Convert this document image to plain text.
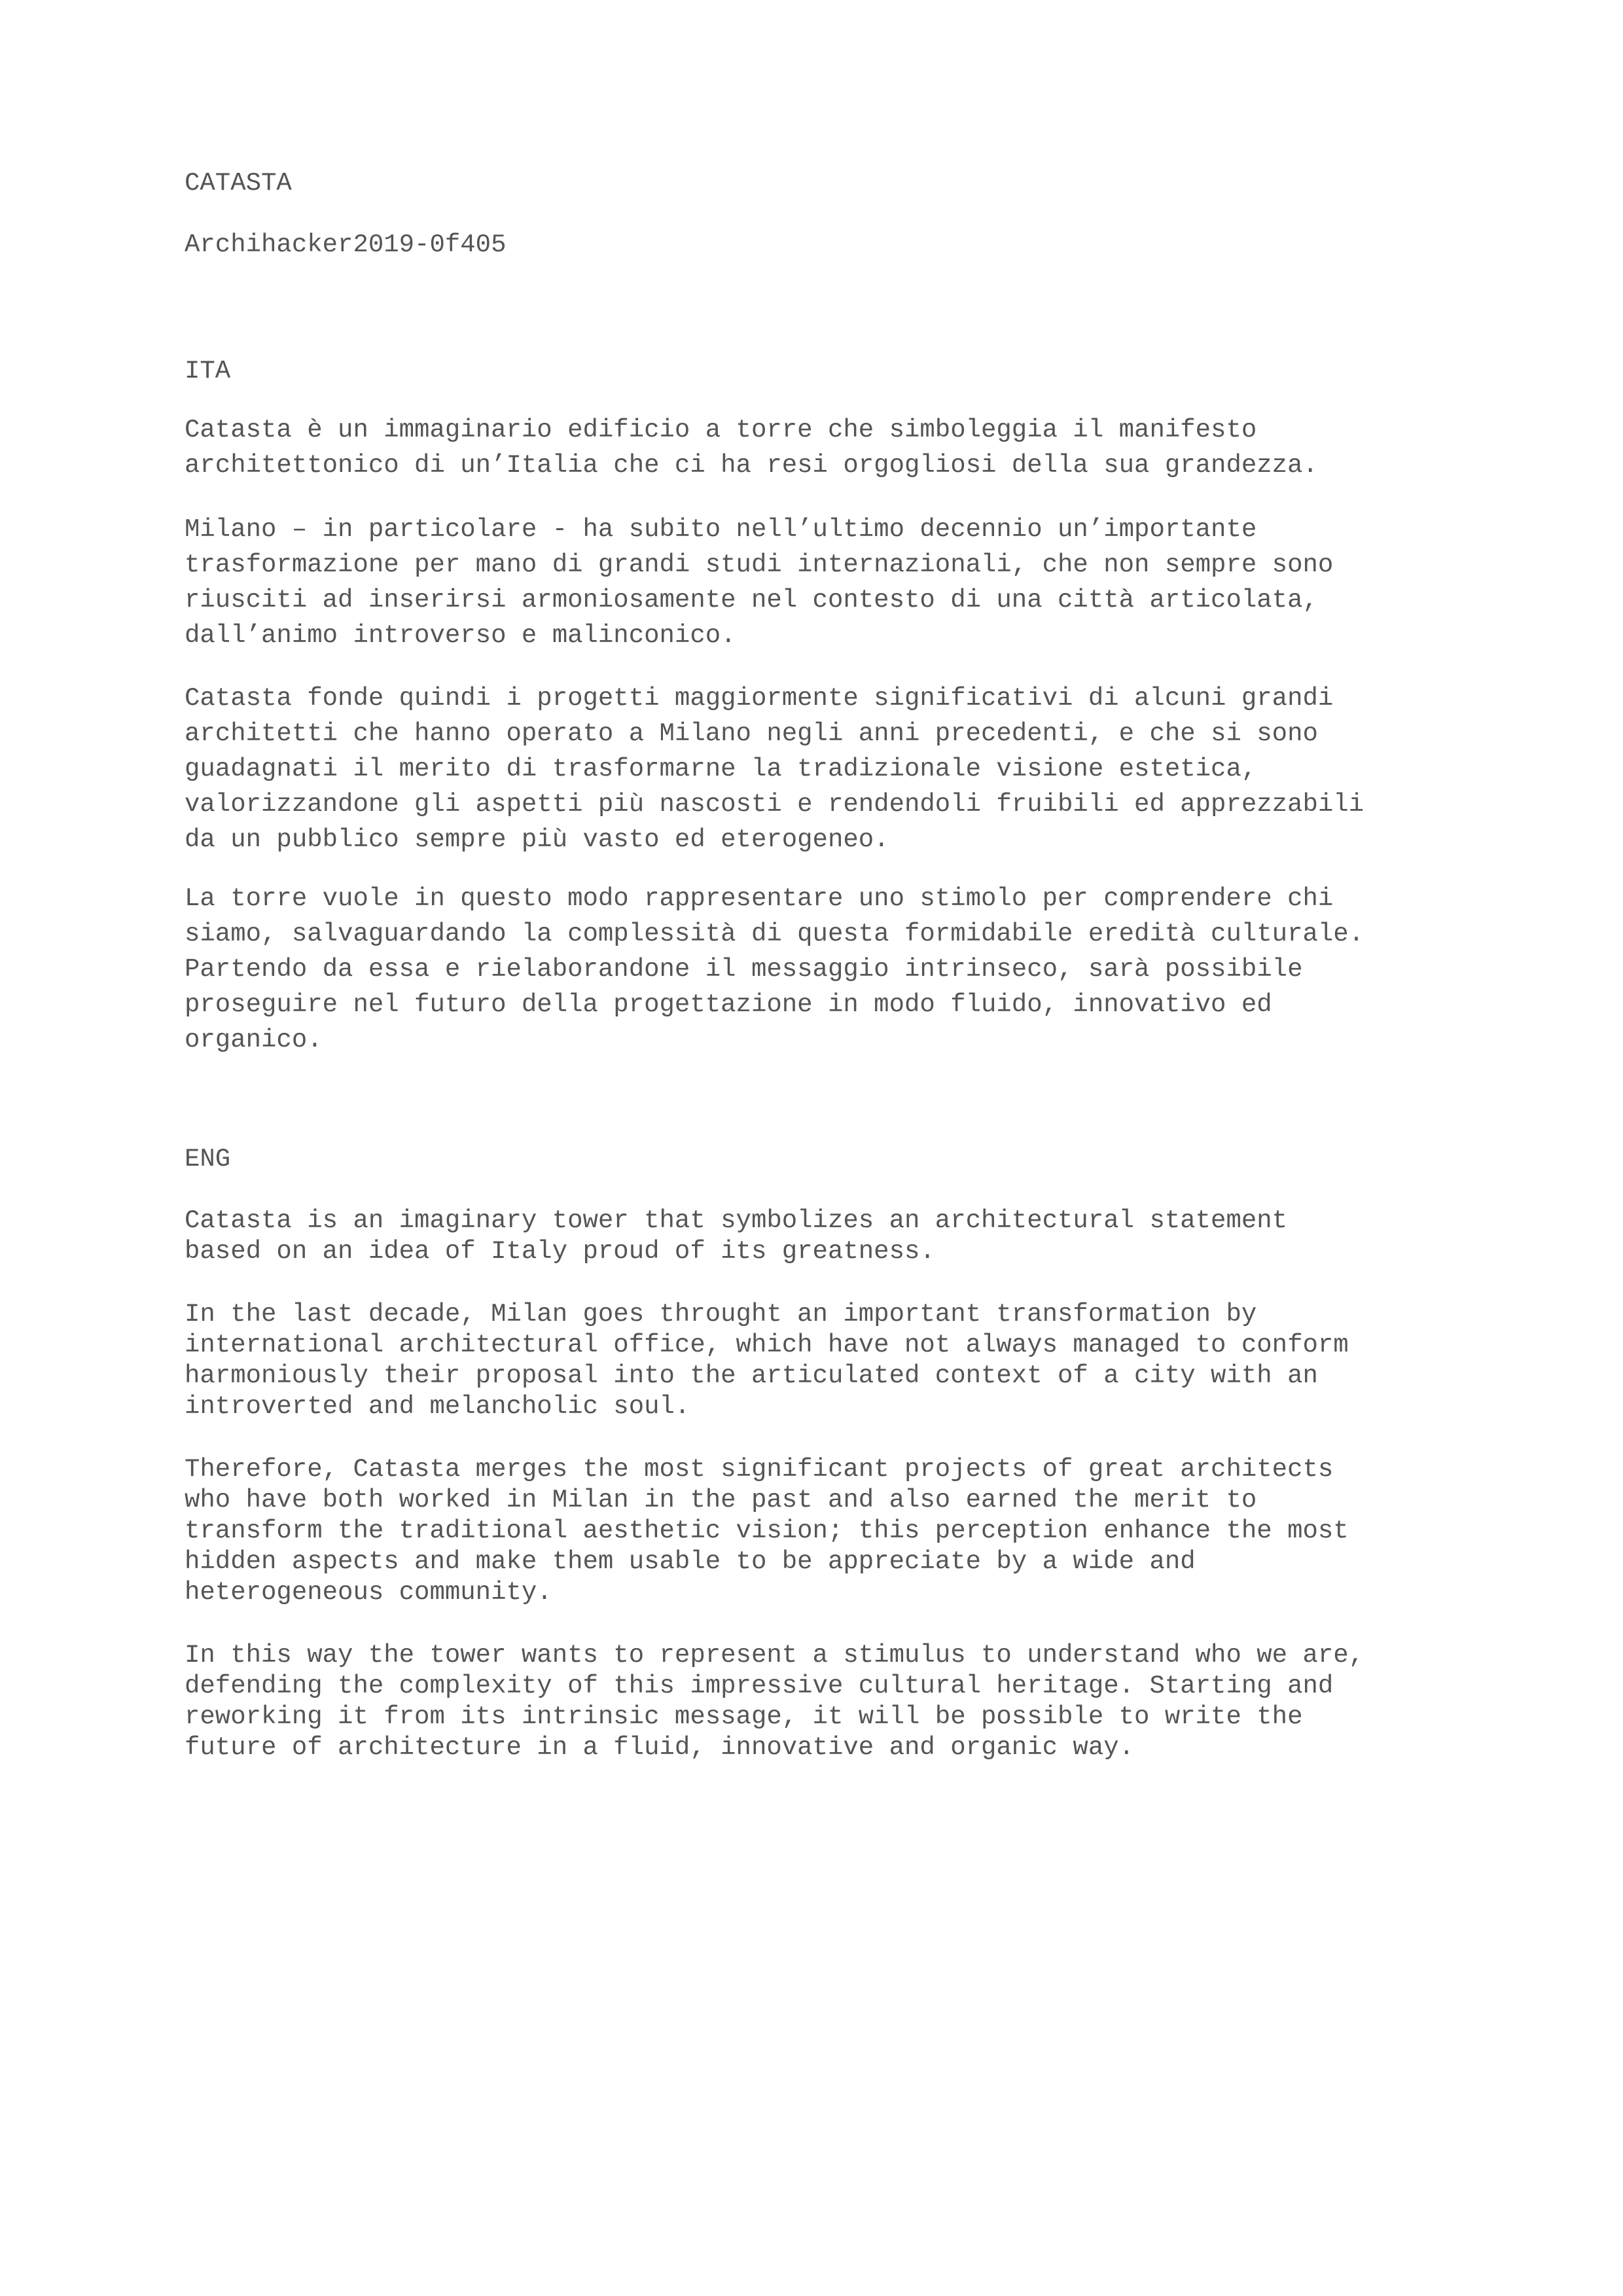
CATASTA

Archihacker2019-0f405

ITA

Catasta è un immaginario edificio a torre che simboleggia il manifesto

architettonico di un’Italia che ci ha resi orgogliosi della sua grandezza.

Milano – in particolare - ha subito nell’ultimo decennio un’importante

trasformazione per mano di grandi studi internazionali, che non sempre sono

riusciti ad inserirsi armoniosamente nel contesto di una città articolata,

dall’animo introverso e malinconico.

Catasta fonde quindi i progetti maggiormente significativi di alcuni grandi

architetti che hanno operato a Milano negli anni precedenti, e che si sono

guadagnati il merito di trasformarne la tradizionale visione estetica,

valorizzandone gli aspetti più nascosti e rendendoli fruibili ed apprezzabili

da un pubblico sempre più vasto ed eterogeneo.

La torre vuole in questo modo rappresentare uno stimolo per comprendere chi

siamo, salvaguardando la complessità di questa formidabile eredità culturale.

Partendo da essa e rielaborandone il messaggio intrinseco, sarà possibile

proseguire nel futuro della progettazione in modo fluido, innovativo ed

organico.

ENG

Catasta is an imaginary tower that symbolizes an architectural statement

based on an idea of Italy proud of its greatness.

In the last decade, Milan goes throught an important transformation by

international architectural office, which have not always managed to conform

harmoniously their proposal into the articulated context of a city with an

introverted and melancholic soul.

Therefore, Catasta merges the most significant projects of great architects

who have both worked in Milan in the past and also earned the merit to

transform the traditional aesthetic vision; this perception enhance the most

hidden aspects and make them usable to be appreciate by a wide and

heterogeneous community.

In this way the tower wants to represent a stimulus to understand who we are,

defending the complexity of this impressive cultural heritage. Starting and

reworking it from its intrinsic message, it will be possible to write the

future of architecture in a fluid, innovative and organic way.
